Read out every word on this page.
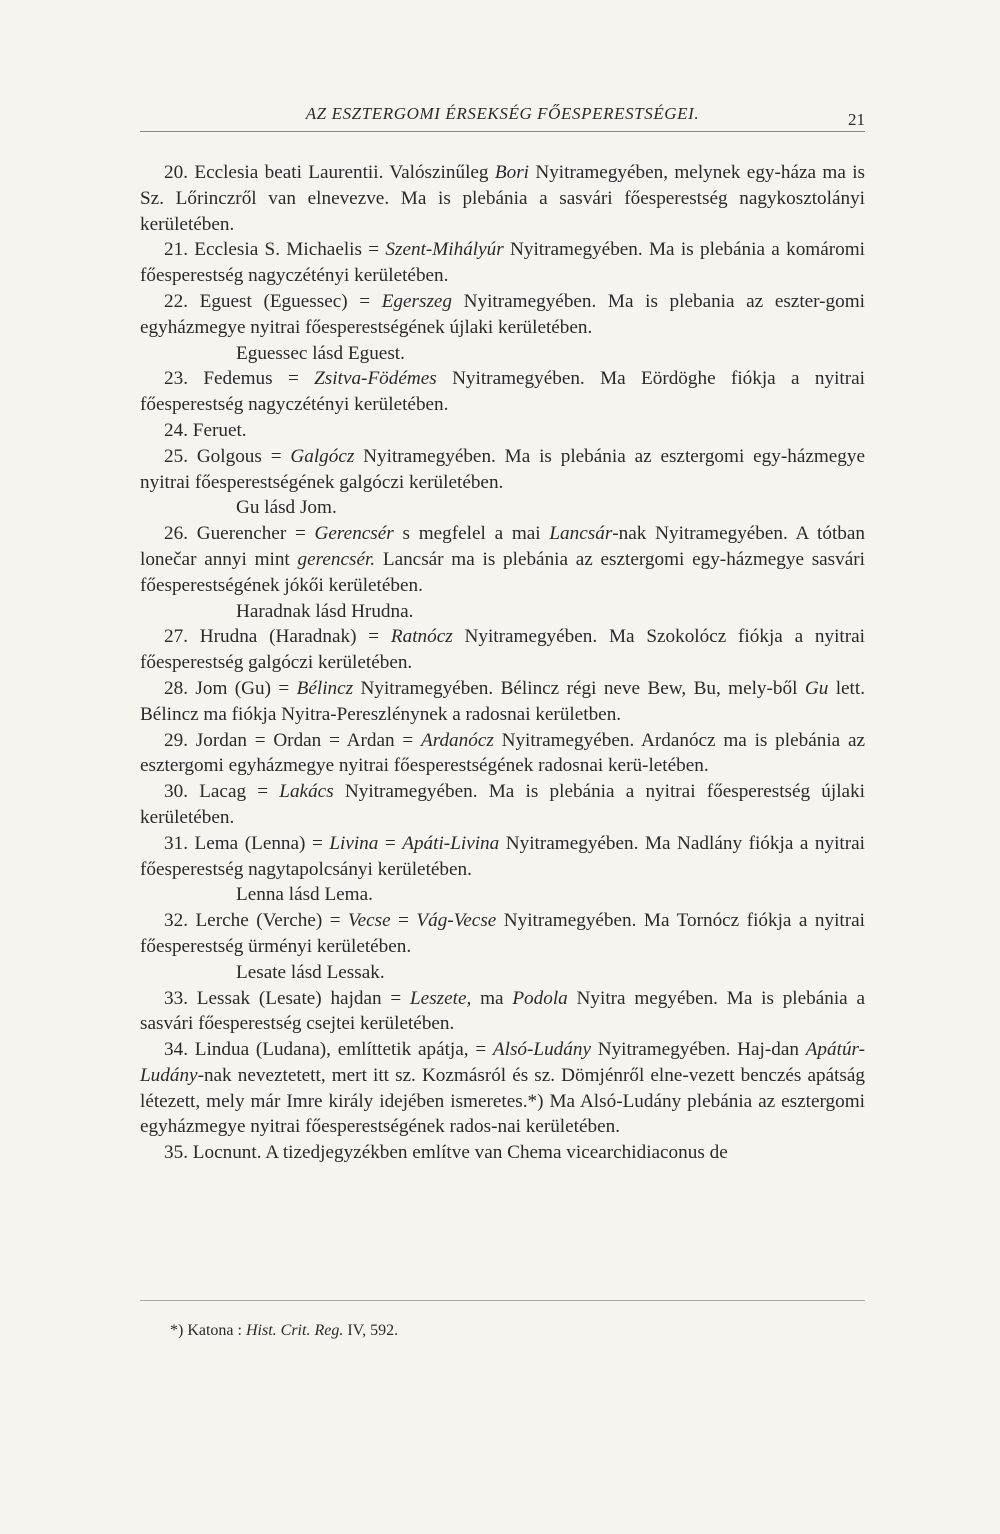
AZ ESZTERGOMI ÉRSEKSÉG FŐESPERESTSÉGEI.	21

20. Ecclesia beati Laurentii. Valószinűleg Bori Nyitramegyében, melynek egy-háza ma is Sz. Lőrinczről van elnevezve. Ma is plebánia a sasvári főesperestség nagykosztolányi kerületében.

21. Ecclesia S. Michaelis = Szent-Mihályúr Nyitramegyében. Ma is plebánia a komáromi főesperestség nagyczétényi kerületében.

22. Eguest (Eguessec) = Egerszeg Nyitramegyében. Ma is plebania az eszter-gomi egyházmegye nyitrai főesperestségének újlaki kerületében.

Eguessec lásd Eguest.

23. Fedemus = Zsitva-Födémes Nyitramegyében. Ma Eördöghe fiókja a nyitrai főesperestség nagyczétényi kerületében.

24. Feruet.

25. Golgous = Galgócz Nyitramegyében. Ma is plebánia az esztergomi egy-házmegye nyitrai főesperestségének galgóczi kerületében.

Gu lásd Jom.

26. Guerencher = Gerencsér s megfelel a mai Lancsár-nak Nyitramegyében. A tótban lonečar annyi mint gerencsér. Lancsár ma is plebánia az esztergomi egy-házmegye sasvári főesperestségének jókői kerületében.

Haradnak lásd Hrudna.

27. Hrudna (Haradnak) = Ratnócz Nyitramegyében. Ma Szokolócz fiókja a nyitrai főesperestség galgóczi kerületében.

28. Jom (Gu) = Bélincz Nyitramegyében. Bélincz régi neve Bew, Bu, mely-ből Gu lett. Bélincz ma fiókja Nyitra-Pereszlénynek a radosnai kerületben.

29. Jordan = Ordan = Ardan = Ardanócz Nyitramegyében. Ardanócz ma is plebánia az esztergomi egyházmegye nyitrai főesperestségének radosnai kerü-letében.

30. Lacag = Lakács Nyitramegyében. Ma is plebánia a nyitrai főesperestség újlaki kerületében.

31. Lema (Lenna) = Livina = Apáti-Livina Nyitramegyében. Ma Nadlány fiókja a nyitrai főesperestség nagytapolcsányi kerületében.

Lenna lásd Lema.

32. Lerche (Verche) = Vecse = Vág-Vecse Nyitramegyében. Ma Tornócz fiókja a nyitrai főesperestség ürményi kerületében.

Lesate lásd Lessak.

33. Lessak (Lesate) hajdan = Leszete, ma Podola Nyitra megyében. Ma is plebánia a sasvári főesperestség csejtei kerületében.

34. Lindua (Ludana), említtetik apátja, = Alsó-Ludány Nyitramegyében. Haj-dan Apátúr-Ludány-nak neveztetett, mert itt sz. Kozmásról és sz. Dömjénről elne-vezett benczés apátság létezett, mely már Imre király idejében ismeretes.*) Ma Alsó-Ludány plebánia az esztergomi egyházmegye nyitrai főesperestségének rados-nai kerületében.

35. Locnunt. A tizedjegyzékben említve van Chema vicearchidiaconus de

*) Katona : Hist. Crit. Reg. IV, 592.
